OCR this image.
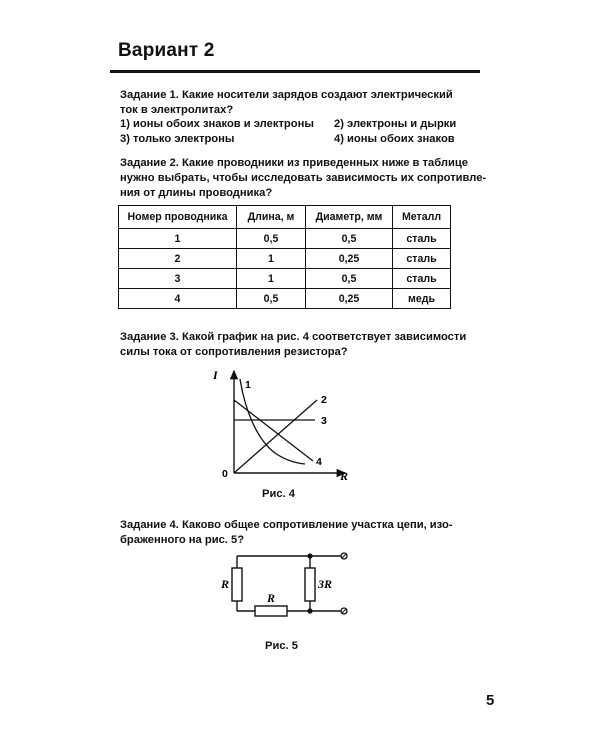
Вариант 2
Задание 1. Какие носители зарядов создают электрический
ток в электролитах?
1) ионы обоих знаков и электроны 2) электроны и дырки
3) только электроны	4) ионы обоих знаков
Задание 2. Какие проводники из приведенных ниже в таблице
нужно выбрать, чтобы исследовать зависимость их сопротивле-
ния от длины проводника?
Номер проводника	Длина, м	Диаметр, мм	Металл
1	0,5	0,5	сталь
2	1	0,25	сталь
3	1	0,5	сталь
4	0,5	0,25	медь
Задание 3. Какой график на рис. 4 соответствует зависимости
силы тока от сопротивления резистора?
I
R
0
1
2
3
4
Рис. 4
Задание 4. Каково общее сопротивление участка цепи, изо-
браженного на рис. 5?
R
R
3R
Рис. 5
5
